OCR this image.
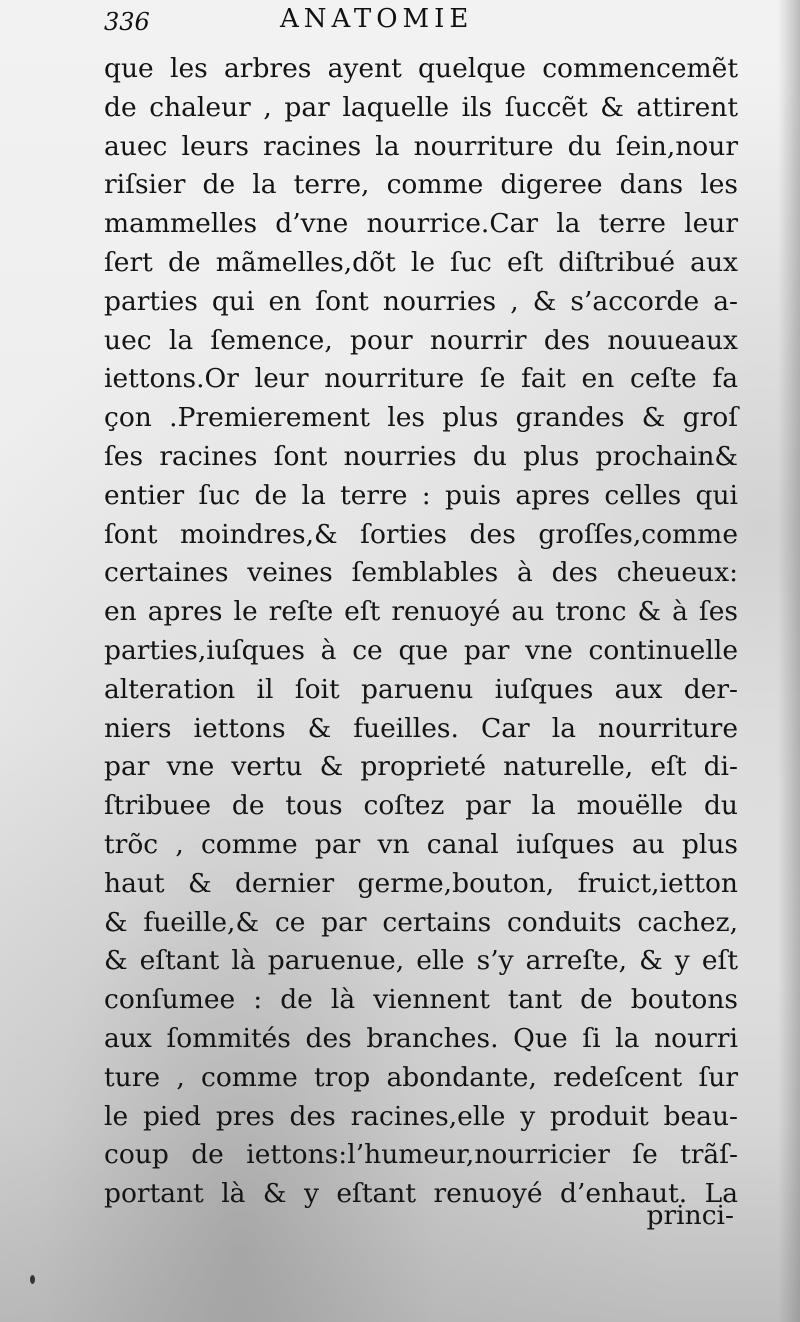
336	ANATOMIE
que les arbres ayent quelque commencemẽt
de chaleur , par laquelle ils ſuccẽt & attirent
auec leurs racines la nourriture du ſein,nour
riſsier de la terre, comme digeree dans les
mammelles d’vne nourrice.Car la terre leur
ſert de mãmelles,dõt le ſuc eſt diſtribué aux
parties qui en ſont nourries , & s’accorde a-
uec la ſemence, pour nourrir des nouueaux
iettons.Or leur nourriture ſe fait en ceſte fa
çon .Premierement les plus grandes & groſ
ſes racines ſont nourries du plus prochain&
entier ſuc de la terre : puis apres celles qui
ſont moindres,& ſorties des groſſes,comme
certaines veines ſemblables à des cheueux:
en apres le reſte eſt renuoyé au tronc & à ſes
parties,iuſques à ce que par vne continuelle
alteration il ſoit paruenu iuſques aux der-
niers iettons & fueilles. Car la nourriture
par vne vertu & proprieté naturelle, eſt di-
ſtribuee de tous coſtez par la mouëlle du
trõc , comme par vn canal iuſques au plus
haut & dernier germe,bouton, fruict,ietton
& fueille,& ce par certains conduits cachez,
& eſtant là paruenue, elle s’y arreſte, & y eſt
conſumee : de là viennent tant de boutons
aux ſommités des branches. Que ſi la nourri
ture , comme trop abondante, redeſcent ſur
le pied pres des racines,elle y produit beau-
coup de iettons:l’humeur,nourricier ſe trãſ-
portant là & y eſtant renuoyé d’enhaut. La
princi-
